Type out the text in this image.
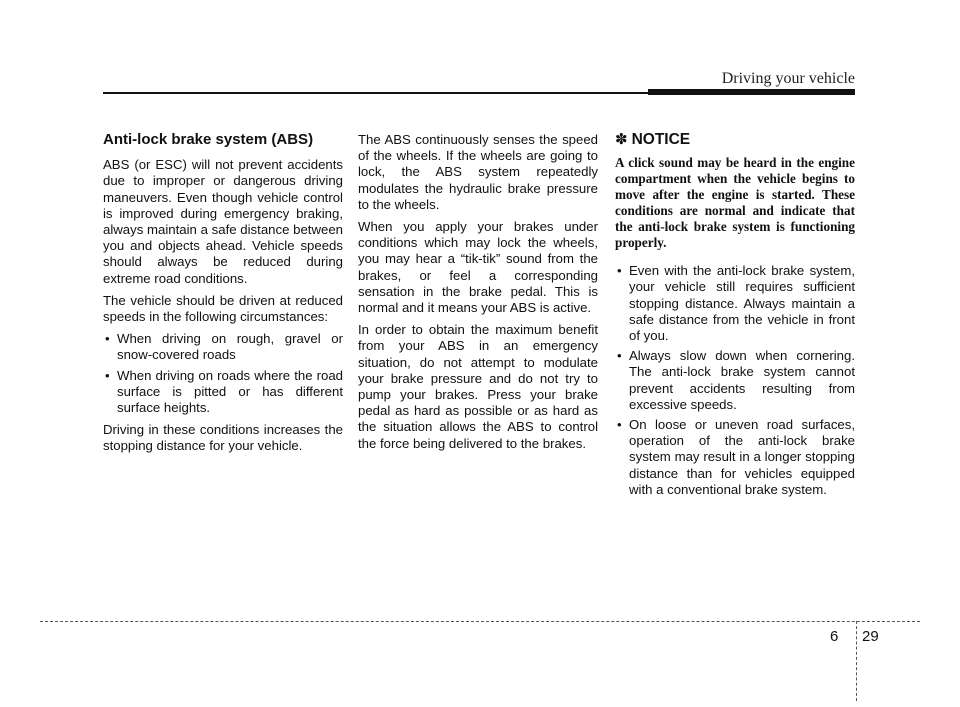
Driving your vehicle
Anti-lock brake system (ABS)

ABS (or ESC) will not prevent accidents due to improper or dangerous driving maneuvers. Even though vehicle control is improved during emergency braking, always maintain a safe distance between you and objects ahead. Vehicle speeds should always be reduced during extreme road conditions.

The vehicle should be driven at reduced speeds in the following circumstances:

• When driving on rough, gravel or snow-covered roads
• When driving on roads where the road surface is pitted or has different surface heights.

Driving in these conditions increases the stopping distance for your vehicle.

The ABS continuously senses the speed of the wheels. If the wheels are going to lock, the ABS system repeatedly modulates the hydraulic brake pressure to the wheels.

When you apply your brakes under conditions which may lock the wheels, you may hear a “tik-tik” sound from the brakes, or feel a corresponding sensation in the brake pedal. This is normal and it means your ABS is active.

In order to obtain the maximum benefit from your ABS in an emergency situation, do not attempt to modulate your brake pressure and do not try to pump your brakes. Press your brake pedal as hard as possible or as hard as the situation allows the ABS to control the force being delivered to the brakes.

✽ NOTICE
A click sound may be heard in the engine compartment when the vehicle begins to move after the engine is started. These conditions are normal and indicate that the anti-lock brake system is functioning properly.
• Even with the anti-lock brake system, your vehicle still requires sufficient stopping distance. Always maintain a safe distance from the vehicle in front of you.
• Always slow down when cornering. The anti-lock brake system cannot prevent accidents resulting from excessive speeds.
• On loose or uneven road surfaces, operation of the anti-lock brake system may result in a longer stopping distance than for vehicles equipped with a conventional brake system.
6 29
